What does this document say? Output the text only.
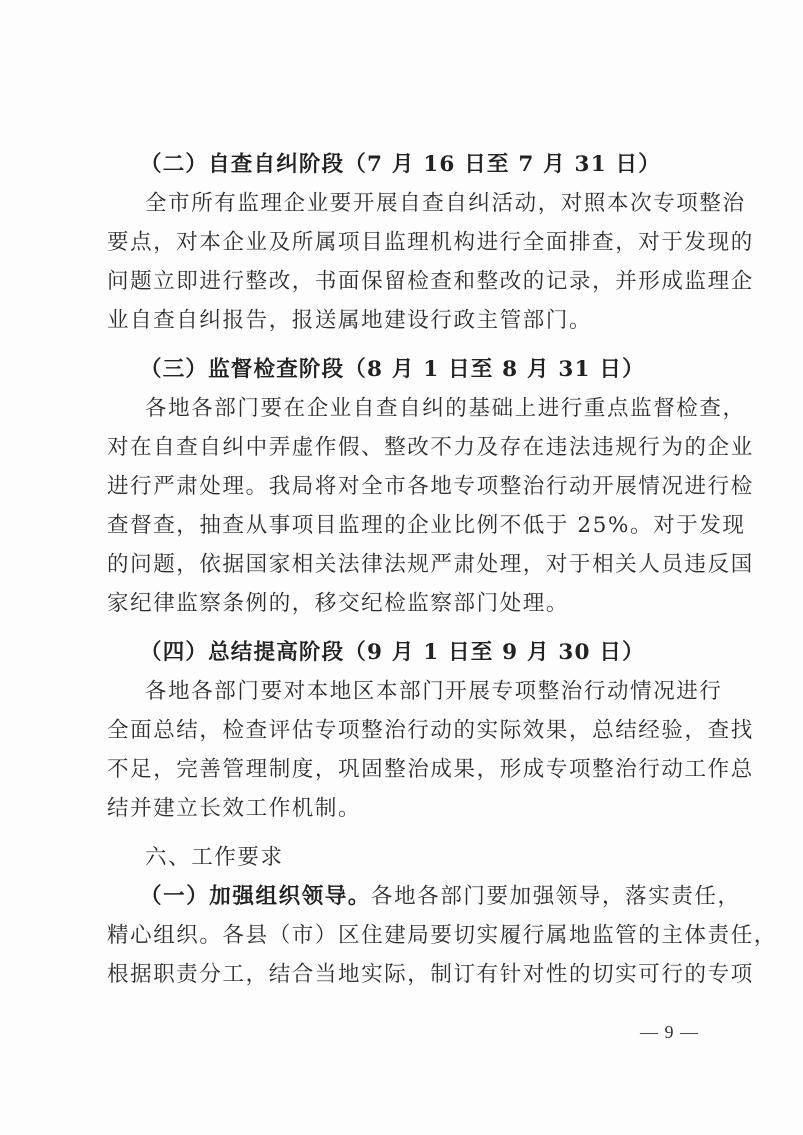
（二）自查自纠阶段（7 月 16 日至 7 月 31 日）
全市所有监理企业要开展自查自纠活动，对照本次专项整治
要点，对本企业及所属项目监理机构进行全面排查，对于发现的
问题立即进行整改，书面保留检查和整改的记录，并形成监理企
业自查自纠报告，报送属地建设行政主管部门。
（三）监督检查阶段（8 月 1 日至 8 月 31 日）
各地各部门要在企业自查自纠的基础上进行重点监督检查，
对在自查自纠中弄虚作假、整改不力及存在违法违规行为的企业
进行严肃处理。我局将对全市各地专项整治行动开展情况进行检
查督查，抽查从事项目监理的企业比例不低于 25%。对于发现
的问题，依据国家相关法律法规严肃处理，对于相关人员违反国
家纪律监察条例的，移交纪检监察部门处理。
（四）总结提高阶段（9 月 1 日至 9 月 30 日）
各地各部门要对本地区本部门开展专项整治行动情况进行
全面总结，检查评估专项整治行动的实际效果，总结经验，查找
不足，完善管理制度，巩固整治成果，形成专项整治行动工作总
结并建立长效工作机制。
六、工作要求
（一）加强组织领导。各地各部门要加强领导，落实责任，
精心组织。各县（市）区住建局要切实履行属地监管的主体责任，
根据职责分工，结合当地实际，制订有针对性的切实可行的专项
— 9 —
